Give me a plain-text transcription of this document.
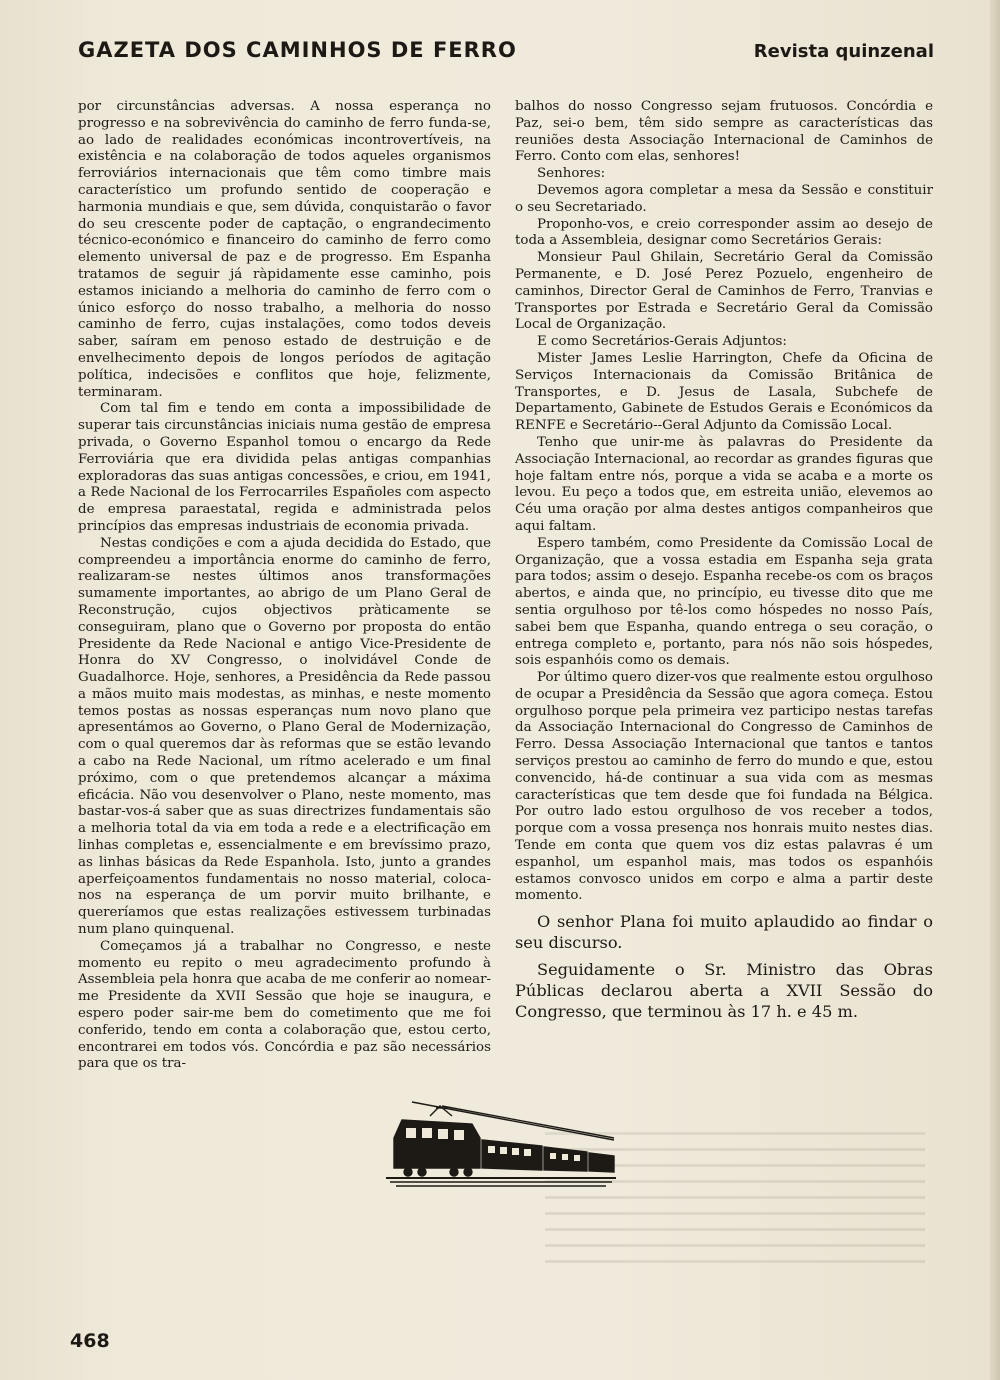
GAZETA DOS CAMINHOS DE FERRO	Revista quinzenal

por circunstâncias adversas. A nossa esperança no progresso e na sobrevivência do caminho de ferro funda-se, ao lado de realidades económicas incontrovertíveis, na existência e na colaboração de todos aqueles organismos ferroviários internacionais que têm como timbre mais característico um profundo sentido de cooperação e harmonia mundiais e que, sem dúvida, conquistarão o favor do seu crescente poder de captação, o engrandecimento técnico-económico e financeiro do caminho de ferro como elemento universal de paz e de progresso. Em Espanha tratamos de seguir já ràpidamente esse caminho, pois estamos iniciando a melhoria do caminho de ferro com o único esforço do nosso trabalho, a melhoria do nosso caminho de ferro, cujas instalações, como todos deveis saber, saíram em penoso estado de destruição e de envelhecimento depois de longos períodos de agitação política, indecisões e conflitos que hoje, felizmente, terminaram.

Com tal fim e tendo em conta a impossibilidade de superar tais circunstâncias iniciais numa gestão de empresa privada, o Governo Espanhol tomou o encargo da Rede Ferroviária que era dividida pelas antigas companhias exploradoras das suas antigas concessões, e criou, em 1941, a Rede Nacional de los Ferrocarriles Españoles com aspecto de empresa paraestatal, regida e administrada pelos princípios das empresas industriais de economia privada.

Nestas condições e com a ajuda decidida do Estado, que compreendeu a importância enorme do caminho de ferro, realizaram-se nestes últimos anos transformações sumamente importantes, ao abrigo de um Plano Geral de Reconstrução, cujos objectivos pràticamente se conseguiram, plano que o Governo por proposta do então Presidente da Rede Nacional e antigo Vice-Presidente de Honra do XV Congresso, o inolvidável Conde de Guadalhorce. Hoje, senhores, a Presidência da Rede passou a mãos muito mais modestas, as minhas, e neste momento temos postas as nossas esperanças num novo plano que apresentámos ao Governo, o Plano Geral de Modernização, com o qual queremos dar às reformas que se estão levando a cabo na Rede Nacional, um rítmo acelerado e um final próximo, com o que pretendemos alcançar a máxima eficácia. Não vou desenvolver o Plano, neste momento, mas bastar-vos-á saber que as suas directrizes fundamentais são a melhoria total da via em toda a rede e a electrificação em linhas completas e, essencialmente e em brevíssimo prazo, as linhas básicas da Rede Espanhola. Isto, junto a grandes aperfeiçoamentos fundamentais no nosso material, coloca-nos na esperança de um porvir muito brilhante, e quereríamos que estas realizações estivessem turbinadas num plano quinquenal.

Começamos já a trabalhar no Congresso, e neste momento eu repito o meu agradecimento profundo à Assembleia pela honra que acaba de me conferir ao nomear-me Presidente da XVII Sessão que hoje se inaugura, e espero poder sair-me bem do cometimento que me foi conferido, tendo em conta a colaboração que, estou certo, encontrarei em todos vós. Concórdia e paz são necessários para que os tra-

balhos do nosso Congresso sejam frutuosos. Concórdia e Paz, sei-o bem, têm sido sempre as características das reuniões desta Associação Internacional de Caminhos de Ferro. Conto com elas, senhores!

Senhores:

Devemos agora completar a mesa da Sessão e constituir o seu Secretariado.

Proponho-vos, e creio corresponder assim ao desejo de toda a Assembleia, designar como Secretários Gerais:

Monsieur Paul Ghilain, Secretário Geral da Comissão Permanente, e D. José Perez Pozuelo, engenheiro de caminhos, Director Geral de Caminhos de Ferro, Tranvias e Transportes por Estrada e Secretário Geral da Comissão Local de Organização.

E como Secretários-Gerais Adjuntos:

Mister James Leslie Harrington, Chefe da Oficina de Serviços Internacionais da Comissão Britânica de Transportes, e D. Jesus de Lasala, Subchefe de Departamento, Gabinete de Estudos Gerais e Económicos da RENFE e Secretário--Geral Adjunto da Comissão Local.

Tenho que unir-me às palavras do Presidente da Associação Internacional, ao recordar as grandes figuras que hoje faltam entre nós, porque a vida se acaba e a morte os levou. Eu peço a todos que, em estreita união, elevemos ao Céu uma oração por alma destes antigos companheiros que aqui faltam.

Espero também, como Presidente da Comissão Local de Organização, que a vossa estadia em Espanha seja grata para todos; assim o desejo. Espanha recebe-os com os braços abertos, e ainda que, no princípio, eu tivesse dito que me sentia orgulhoso por tê-los como hóspedes no nosso País, sabei bem que Espanha, quando entrega o seu coração, o entrega completo e, portanto, para nós não sois hóspedes, sois espanhóis como os demais.

Por último quero dizer-vos que realmente estou orgulhoso de ocupar a Presidência da Sessão que agora começa. Estou orgulhoso porque pela primeira vez participo nestas tarefas da Associação Internacional do Congresso de Caminhos de Ferro. Dessa Associação Internacional que tantos e tantos serviços prestou ao caminho de ferro do mundo e que, estou convencido, há-de continuar a sua vida com as mesmas características que tem desde que foi fundada na Bélgica. Por outro lado estou orgulhoso de vos receber a todos, porque com a vossa presença nos honrais muito nestes dias. Tende em conta que quem vos diz estas palavras é um espanhol, um espanhol mais, mas todos os espanhóis estamos convosco unidos em corpo e alma a partir deste momento.

O senhor Plana foi muito aplaudido ao findar o seu discurso.

Seguidamente o Sr. Ministro das Obras Públicas declarou aberta a XVII Sessão do Congresso, que terminou às 17 h. e 45 m.

468
